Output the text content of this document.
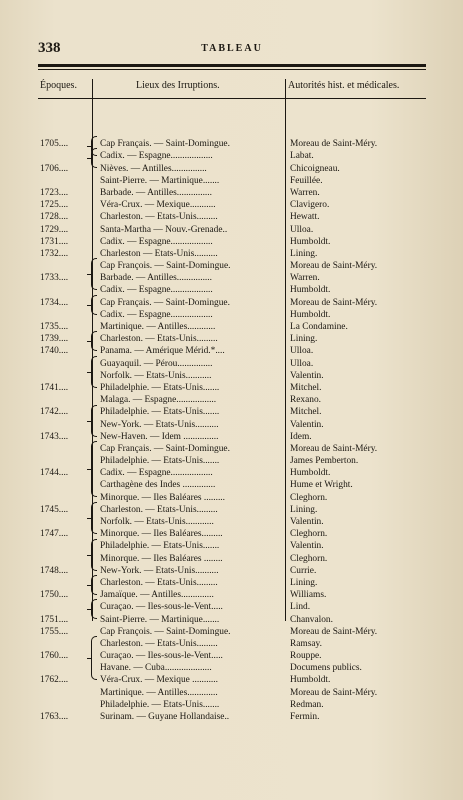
338	TABLEAU
Époques.	Lieux des Irruptions.	Autorités hist. et médicales.
1705....	Cap Français. — Saint-Domingue.	Moreau de Saint-Méry.
Cadix. — Espagne..................	Labat.
1706....	Nièves. — Antilles...............	Chicoigneau.
Saint-Pierre. — Martinique.......	Feuillée.
1723....	Barbade. — Antilles...............	Warren.
1725....	Véra-Crux. — Mexique...........	Clavigero.
1728....	Charleston. — Etats-Unis.........	Hewatt.
1729....	Santa-Martha — Nouv.-Grenade..	Ulloa.
1731....	Cadix. — Espagne..................	Humboldt.
1732....	Charleston — Etats-Unis..........	Lining.
Cap François. — Saint-Domingue.	Moreau de Saint-Méry.
1733....	Barbade. — Antilles...............	Warren.
Cadix. — Espagne..................	Humboldt.
1734....	Cap Français. — Saint-Domingue.	Moreau de Saint-Méry.
Cadix. — Espagne..................	Humboldt.
1735....	Martinique. — Antilles............	La Condamine.
1739....	Charleston. — Etats-Unis.........	Lining.
1740....	Panama. — Amérique Mérid.*....	Ulloa.
Guayaquil. — Pérou...............	Ulloa.
Norfolk. — Etats-Unis...........	Valentin.
1741....	Philadelphie. — Etats-Unis.......	Mitchel.
Malaga. — Espagne.................	Rexano.
1742....	Philadelphie. — Etats-Unis.......	Mitchel.
New-York. — Etats-Unis..........	Valentin.
1743....	New-Haven. — Idem ...............	Idem.
Cap Français. — Saint-Domingue.	Moreau de Saint-Méry.
Philadelphie. — Etats-Unis.......	James Pemberton.
1744....	Cadix. — Espagne..................	Humboldt.
Carthagène des Indes ..............	Hume et Wright.
Minorque. — Iles Baléares .........	Cleghorn.
1745....	Charleston. — Etats-Unis.........	Lining.
Norfolk. — Etats-Unis............	Valentin.
1747....	Minorque. — Iles Baléares.........	Cleghorn.
Philadelphie. — Etats-Unis.......	Valentin.
Minorque. — Iles Baléares ........	Cleghorn.
1748....	New-York. — Etats-Unis..........	Currie.
Charleston. — Etats-Unis.........	Lining.
1750....	Jamaïque. — Antilles..............	Williams.
Curaçao. — Iles-sous-le-Vent.....	Lind.
1751....	Saint-Pierre. — Martinique.......	Chanvalon.
1755....	Cap François. — Saint-Domingue.	Moreau de Saint-Méry.
Charleston. — Etats-Unis.........	Ramsay.
1760....	Curaçao. — Iles-sous-le-Vent.....	Rouppe.
Havane. — Cuba....................	Documens publics.
1762....	Véra-Crux. — Mexique ...........	Humboldt.
Martinique. — Antilles.............	Moreau de Saint-Méry.
Philadelphie. — Etats-Unis.......	Redman.
1763....	Surinam. — Guyane Hollandaise..	Fermin.
